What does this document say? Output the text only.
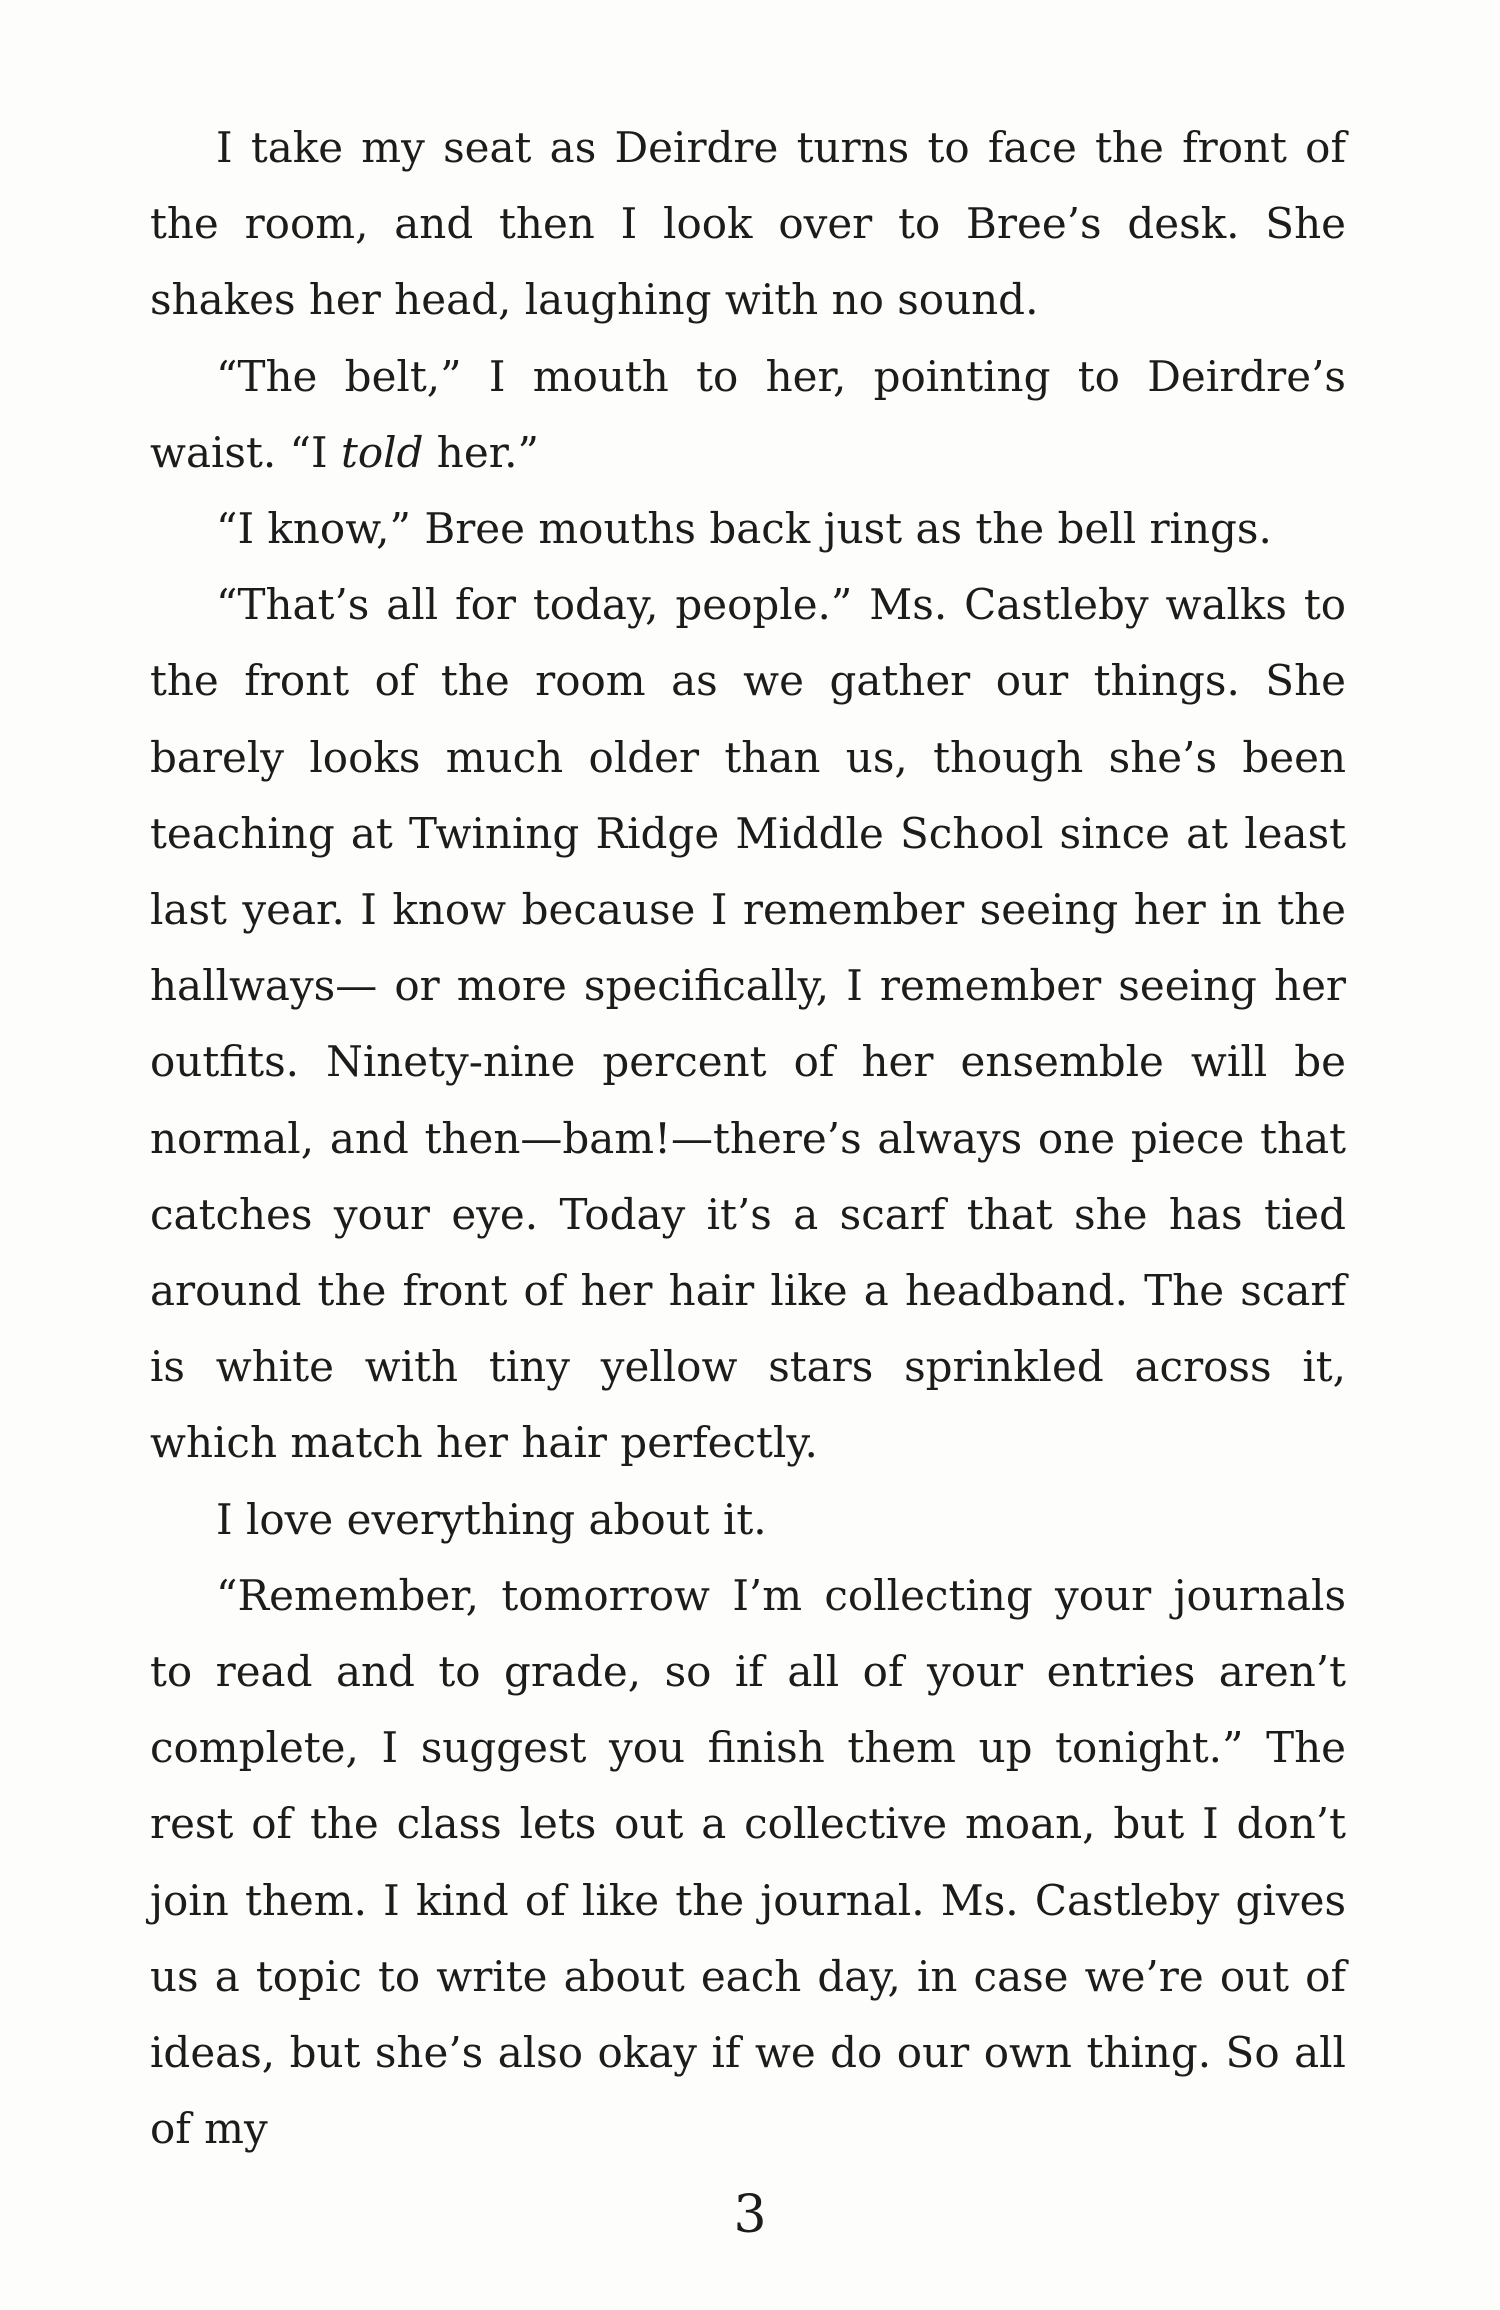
I take my seat as Deirdre turns to face the front of the room, and then I look over to Bree’s desk. She shakes her head, laughing with no sound.

“The belt,” I mouth to her, pointing to Deirdre’s waist. “I told her.”

“I know,” Bree mouths back just as the bell rings.

“That’s all for today, people.” Ms. Castleby walks to the front of the room as we gather our things. She barely looks much older than us, though she’s been teaching at Twining Ridge Middle School since at least last year. I know because I remember seeing her in the hallways— or more specifically, I remember seeing her outfits. Ninety-nine percent of her ensemble will be normal, and then—bam!—there’s always one piece that catches your eye. Today it’s a scarf that she has tied around the front of her hair like a headband. The scarf is white with tiny yellow stars sprinkled across it, which match her hair perfectly.

I love everything about it.

“Remember, tomorrow I’m collecting your journals to read and to grade, so if all of your entries aren’t complete, I suggest you finish them up tonight.” The rest of the class lets out a collective moan, but I don’t join them. I kind of like the journal. Ms. Castleby gives us a topic to write about each day, in case we’re out of ideas, but she’s also okay if we do our own thing. So all of my

3
